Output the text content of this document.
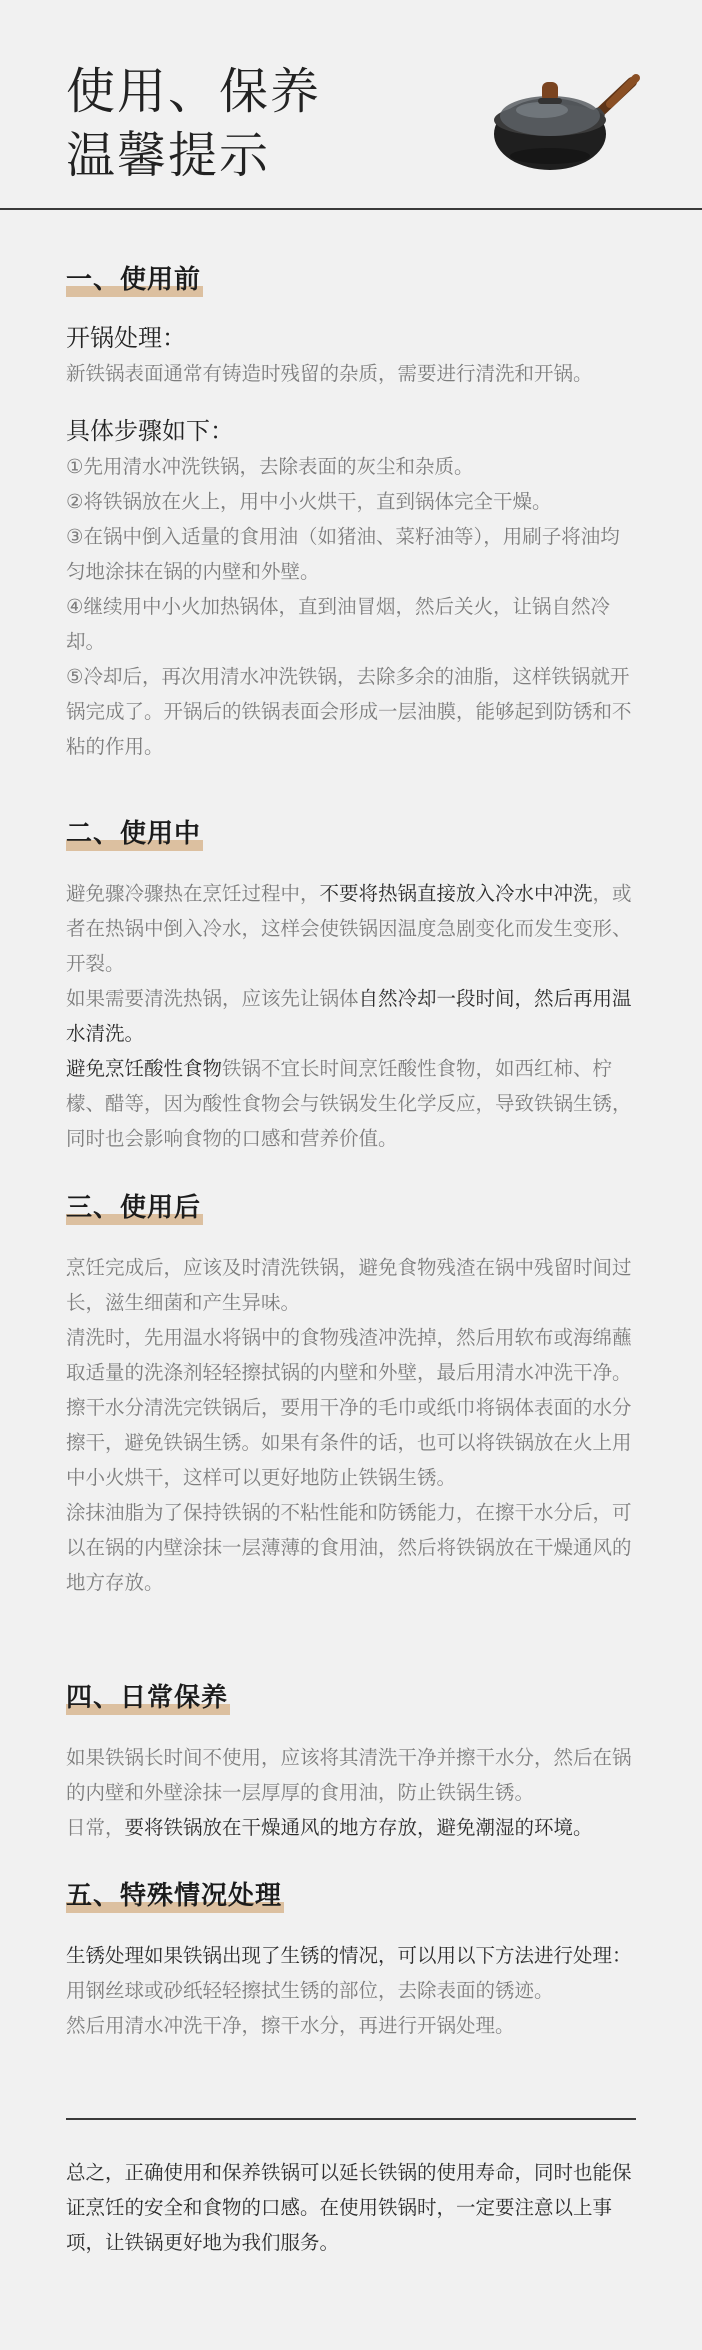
使用、保养
温馨提示
一、使用前

开锅处理：

新铁锅表面通常有铸造时残留的杂质，需要进行清洗和开锅。

具体步骤如下：

①先用清水冲洗铁锅，去除表面的灰尘和杂质。

②将铁锅放在火上，用中小火烘干，直到锅体完全干燥。

③在锅中倒入适量的食用油（如猪油、菜籽油等），用刷子将油均匀地涂抹在锅的内壁和外壁。

④继续用中小火加热锅体，直到油冒烟，然后关火，让锅自然冷却。

⑤冷却后，再次用清水冲洗铁锅，去除多余的油脂，这样铁锅就开锅完成了。开锅后的铁锅表面会形成一层油膜，能够起到防锈和不粘的作用。

二、使用中

避免骤冷骤热在烹饪过程中，不要将热锅直接放入冷水中冲洗，或者在热锅中倒入冷水，这样会使铁锅因温度急剧变化而发生变形、开裂。

如果需要清洗热锅，应该先让锅体自然冷却一段时间，然后再用温水清洗。

避免烹饪酸性食物铁锅不宜长时间烹饪酸性食物，如西红柿、柠檬、醋等，因为酸性食物会与铁锅发生化学反应，导致铁锅生锈，同时也会影响食物的口感和营养价值。

三、使用后

烹饪完成后，应该及时清洗铁锅，避免食物残渣在锅中残留时间过长，滋生细菌和产生异味。

清洗时，先用温水将锅中的食物残渣冲洗掉，然后用软布或海绵蘸取适量的洗涤剂轻轻擦拭锅的内壁和外壁，最后用清水冲洗干净。

擦干水分清洗完铁锅后，要用干净的毛巾或纸巾将锅体表面的水分擦干，避免铁锅生锈。如果有条件的话，也可以将铁锅放在火上用中小火烘干，这样可以更好地防止铁锅生锈。

涂抹油脂为了保持铁锅的不粘性能和防锈能力，在擦干水分后，可以在锅的内壁涂抹一层薄薄的食用油，然后将铁锅放在干燥通风的地方存放。

四、日常保养

如果铁锅长时间不使用，应该将其清洗干净并擦干水分，然后在锅的内壁和外壁涂抹一层厚厚的食用油，防止铁锅生锈。

日常，要将铁锅放在干燥通风的地方存放，避免潮湿的环境。

五、特殊情况处理

生锈处理如果铁锅出现了生锈的情况，可以用以下方法进行处理：

用钢丝球或砂纸轻轻擦拭生锈的部位，去除表面的锈迹。

然后用清水冲洗干净，擦干水分，再进行开锅处理。

总之，正确使用和保养铁锅可以延长铁锅的使用寿命，同时也能保证烹饪的安全和食物的口感。在使用铁锅时，一定要注意以上事项，让铁锅更好地为我们服务。
